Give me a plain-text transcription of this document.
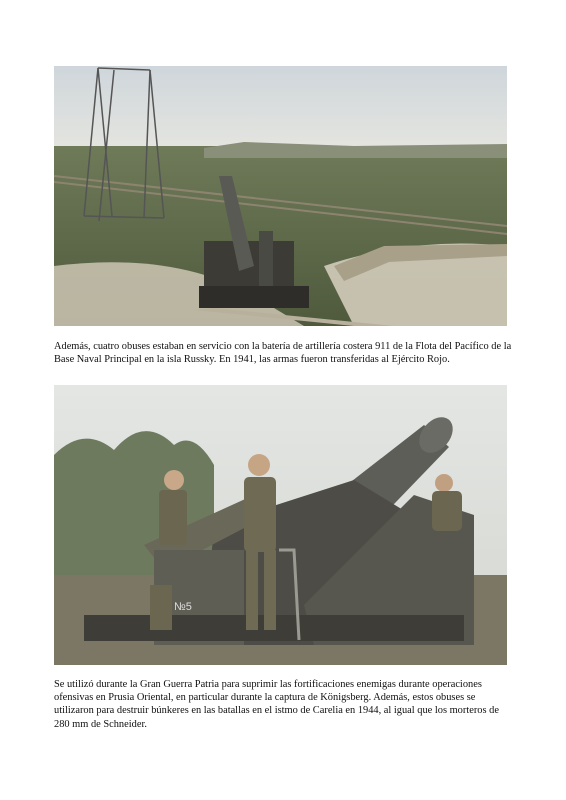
Además, cuatro obuses estaban en servicio con la batería de artillería costera 911 de la Flota del Pacífico de la Base Naval Principal en la isla Russky. En 1941, las armas fueron transferidas al Ejército Rojo.

№5

Se utilizó durante la Gran Guerra Patria para suprimir las fortificaciones enemigas durante operaciones ofensivas en Prusia Oriental, en particular durante la captura de Königsberg. Además, estos obuses se utilizaron para destruir búnkeres en las batallas en el istmo de Carelia en 1944, al igual que los morteros de 280 mm de Schneider.
